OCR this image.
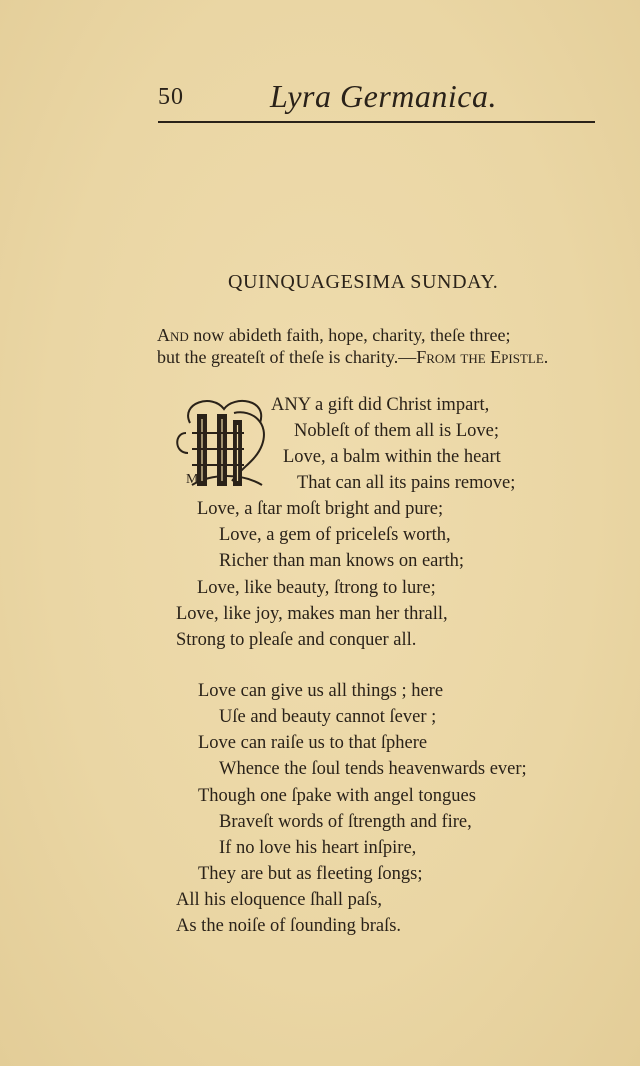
50	Lyra Germanica.
QUINQUAGESIMA SUNDAY.
And now abideth faith, hope, charity, theſe three;
but the greateſt of theſe is charity.—From the Epistle.
M
ANY a gift did Christ impart,
Nobleſt of them all is Love;
Love, a balm within the heart
That can all its pains remove;
Love, a ſtar moſt bright and pure;
Love, a gem of priceleſs worth,
Richer than man knows on earth;
Love, like beauty, ſtrong to lure;
Love, like joy, makes man her thrall,
Strong to pleaſe and conquer all.
Love can give us all things ; here
Uſe and beauty cannot ſever ;
Love can raiſe us to that ſphere
Whence the ſoul tends heavenwards ever;
Though one ſpake with angel tongues
Braveſt words of ſtrength and fire,
If no love his heart inſpire,
They are but as fleeting ſongs;
All his eloquence ſhall paſs,
As the noiſe of ſounding braſs.
